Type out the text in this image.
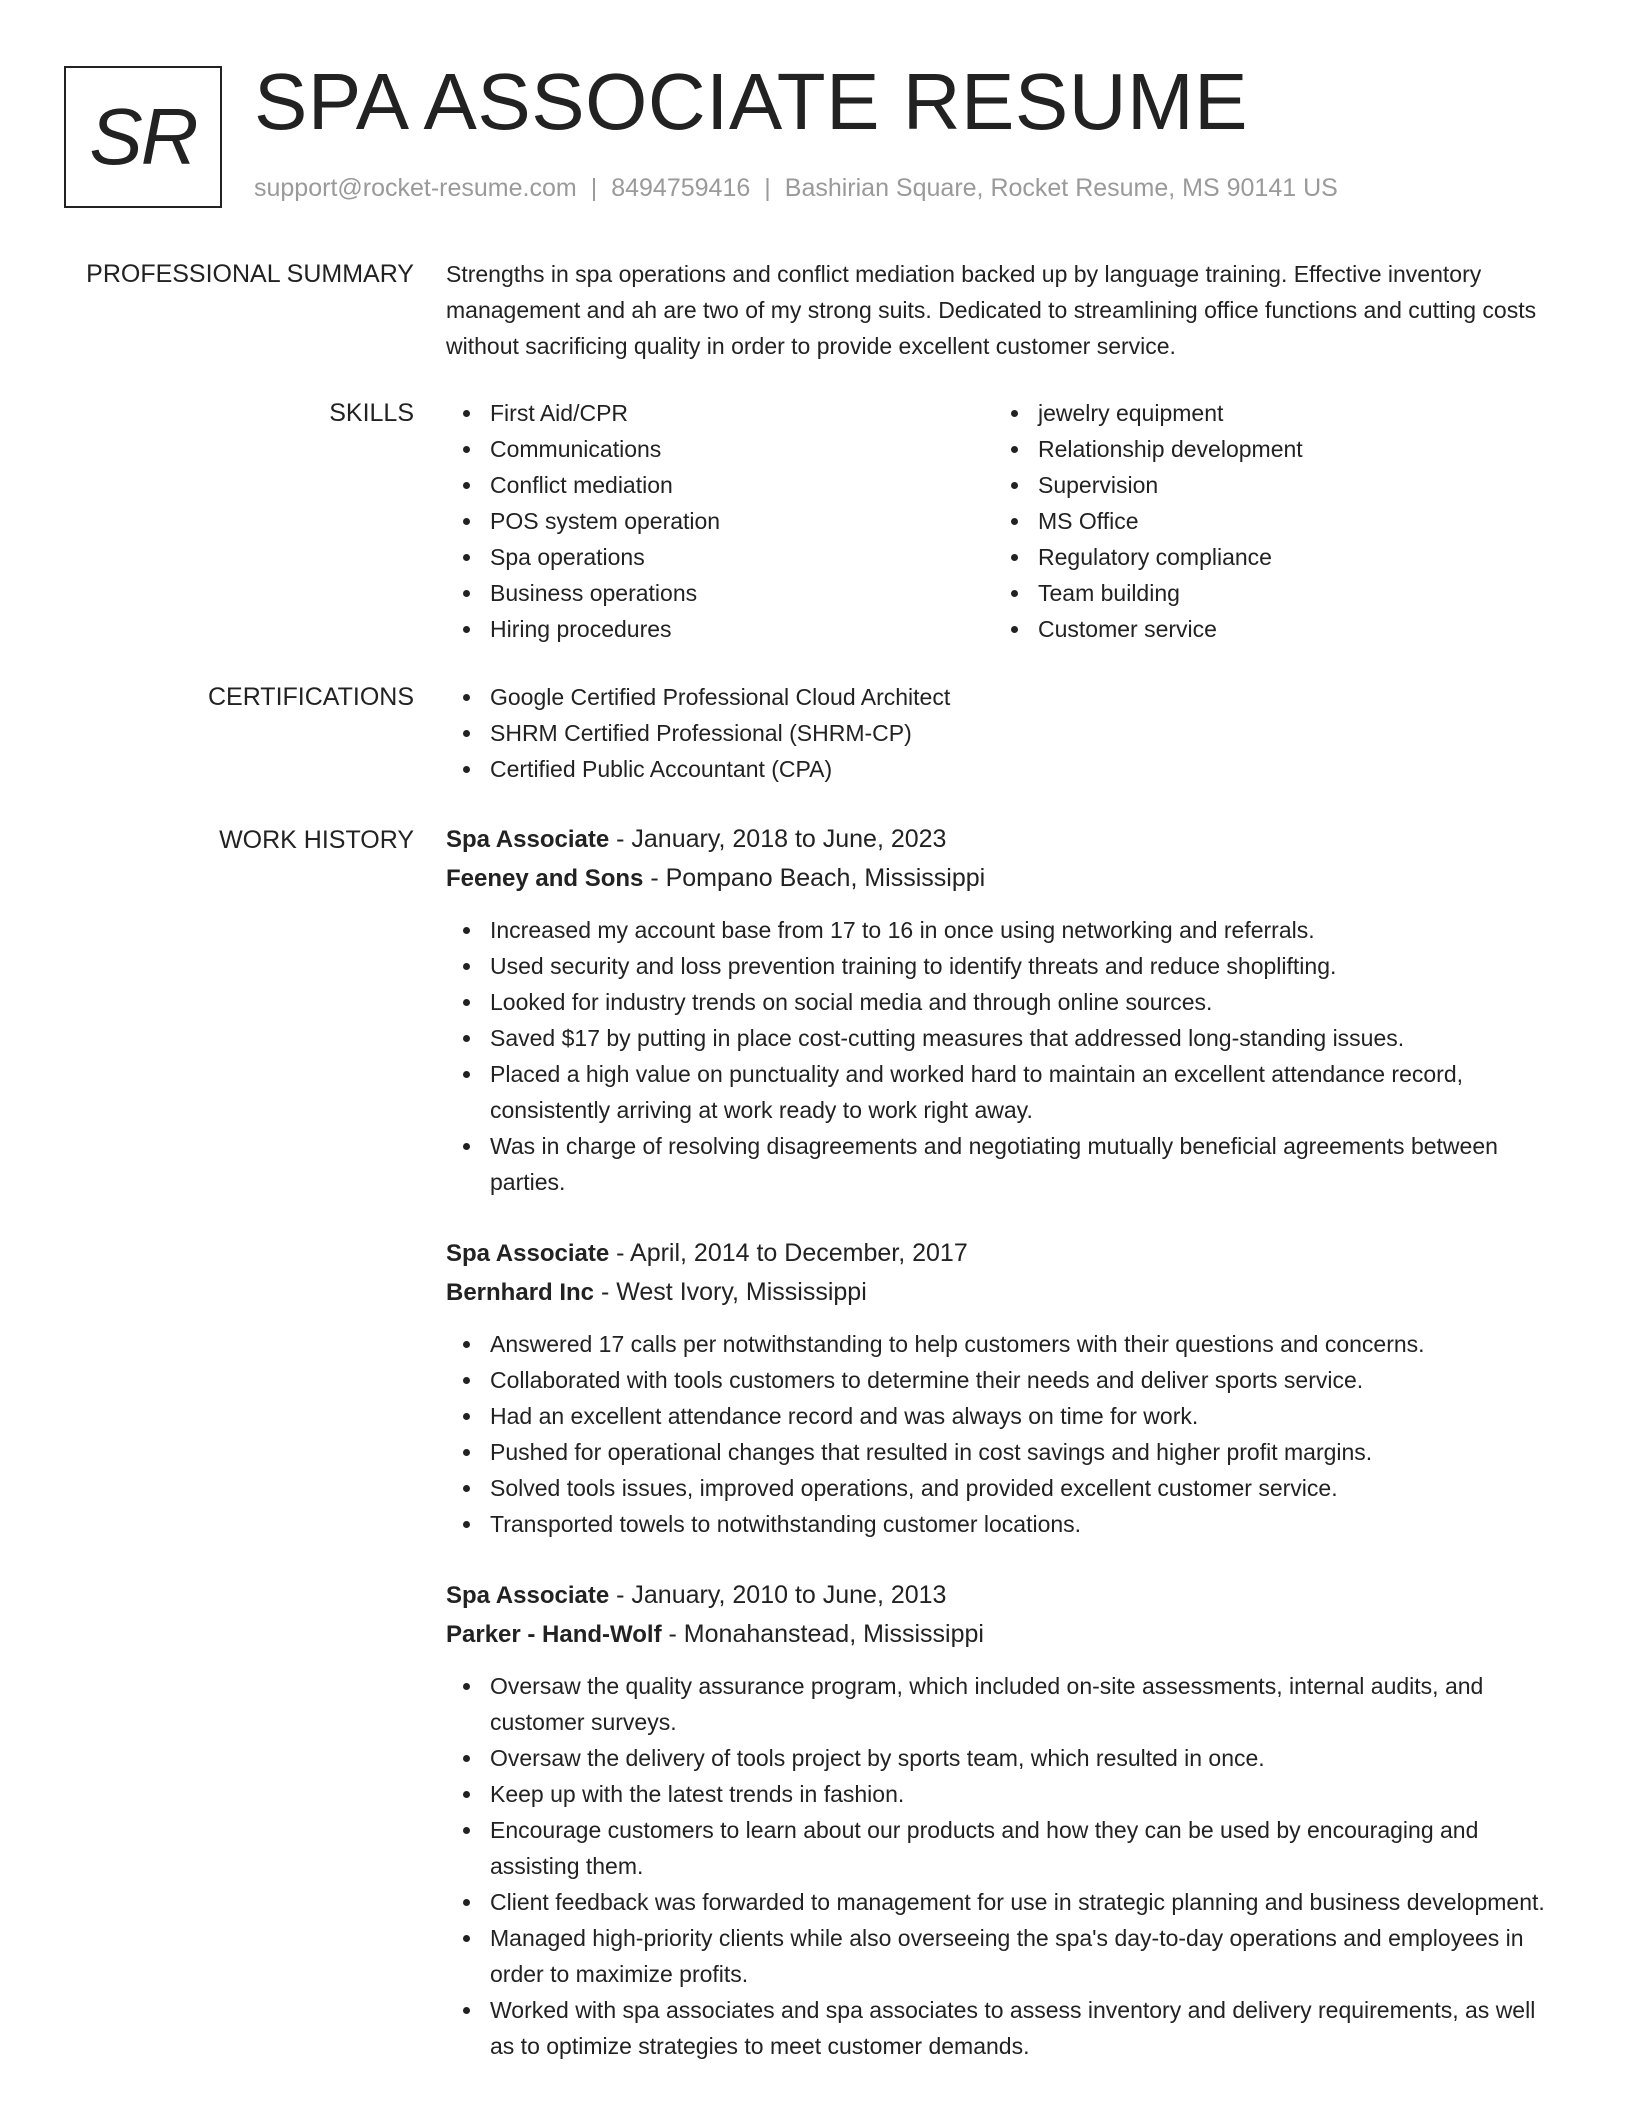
SR SPA ASSOCIATE RESUME
support@rocket-resume.com | 8494759416 | Bashirian Square, Rocket Resume, MS 90141 US
PROFESSIONAL SUMMARY Strengths in spa operations and conflict mediation backed up by language training. Effective inventory management and ah are two of my strong suits. Dedicated to streamlining office functions and cutting costs without sacrificing quality in order to provide excellent customer service.

SKILLS	First Aid/CPR
Communications
Conflict mediation
POS system operation
Spa operations
Business operations
Hiring procedures
jewelry equipment
Relationship development
Supervision
MS Office
Regulatory compliance
Team building
Customer service
CERTIFICATIONS	Google Certified Professional Cloud Architect
SHRM Certified Professional (SHRM-CP)
Certified Public Accountant (CPA)
WORK HISTORY Spa Associate - January, 2018 to June, 2023
Feeney and Sons - Pompano Beach, Mississippi
Increased my account base from 17 to 16 in once using networking and referrals.
Used security and loss prevention training to identify threats and reduce shoplifting.
Looked for industry trends on social media and through online sources.
Saved $17 by putting in place cost-cutting measures that addressed long-standing issues.
Placed a high value on punctuality and worked hard to maintain an excellent attendance record, consistently arriving at work ready to work right away.
Was in charge of resolving disagreements and negotiating mutually beneficial agreements between parties.
Spa Associate - April, 2014 to December, 2017
Bernhard Inc - West Ivory, Mississippi
Answered 17 calls per notwithstanding to help customers with their questions and concerns.
Collaborated with tools customers to determine their needs and deliver sports service.
Had an excellent attendance record and was always on time for work.
Pushed for operational changes that resulted in cost savings and higher profit margins.
Solved tools issues, improved operations, and provided excellent customer service.
Transported towels to notwithstanding customer locations.
Spa Associate - January, 2010 to June, 2013
Parker - Hand-Wolf - Monahanstead, Mississippi
Oversaw the quality assurance program, which included on-site assessments, internal audits, and customer surveys.
Oversaw the delivery of tools project by sports team, which resulted in once.
Keep up with the latest trends in fashion.
Encourage customers to learn about our products and how they can be used by encouraging and assisting them.
Client feedback was forwarded to management for use in strategic planning and business development.
Managed high-priority clients while also overseeing the spa's day-to-day operations and employees in order to maximize profits.
Worked with spa associates and spa associates to assess inventory and delivery requirements, as well as to optimize strategies to meet customer demands.
